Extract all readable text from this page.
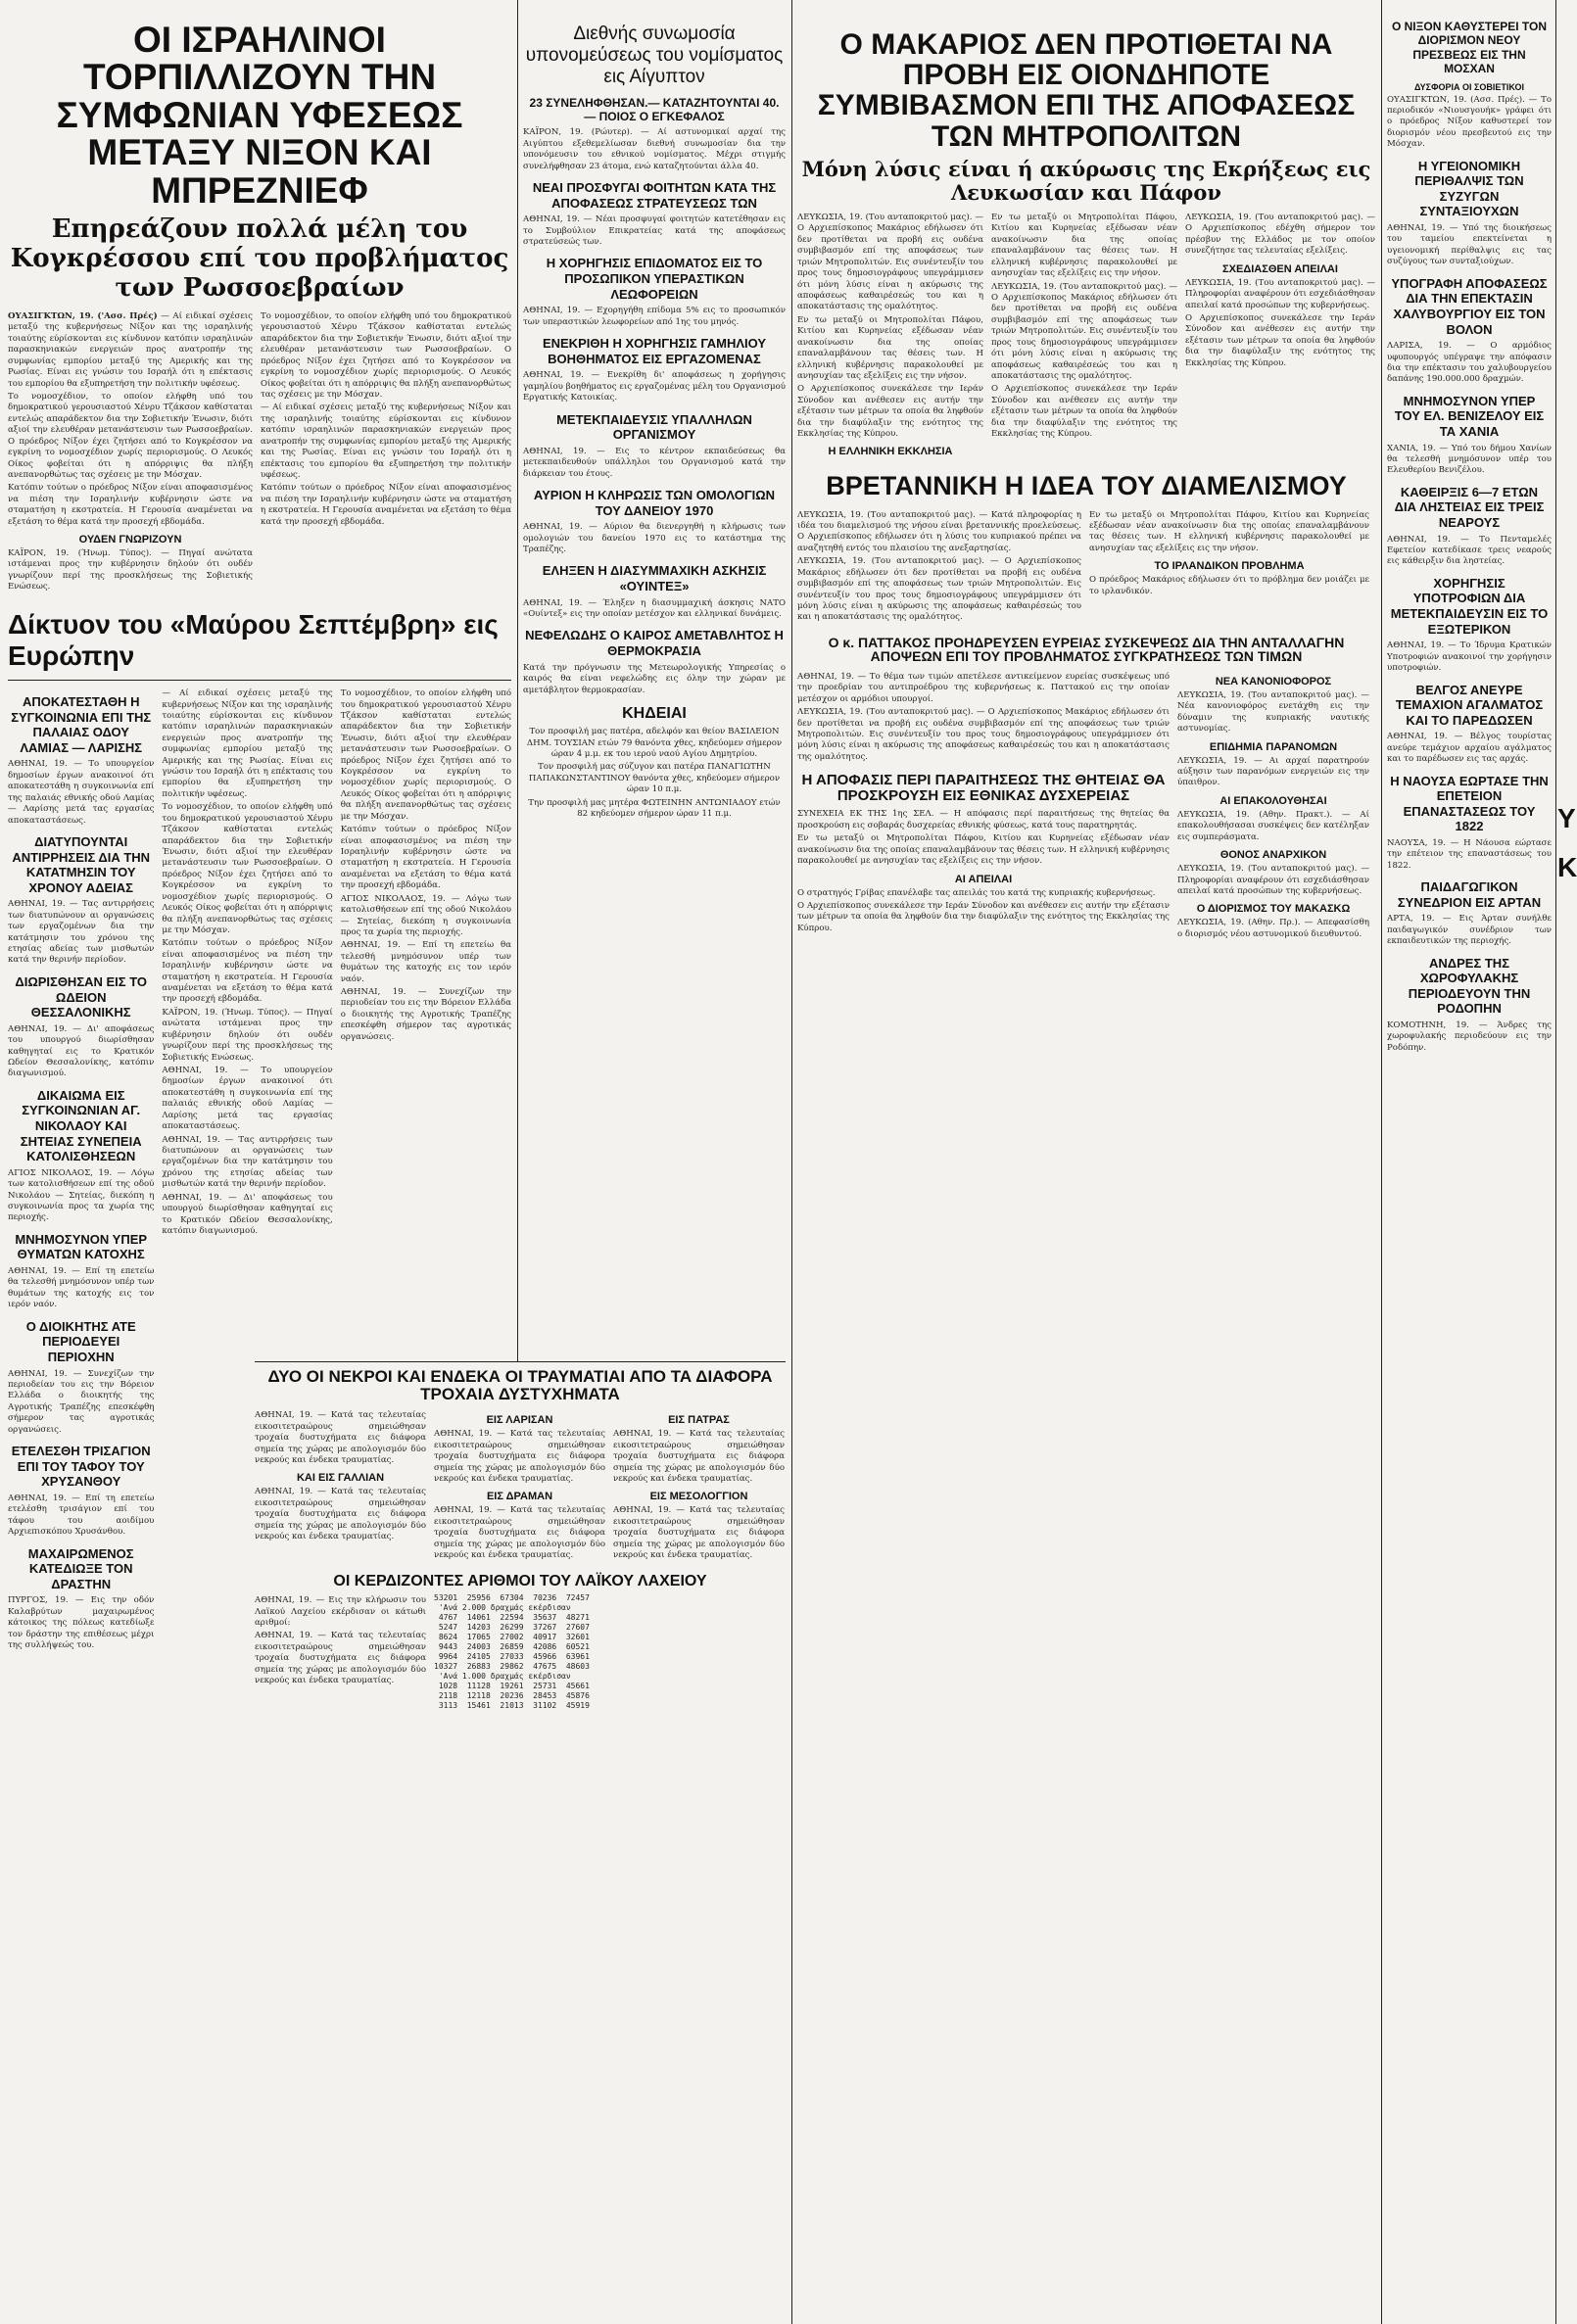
ΟΙ ΙΣΡΑΗΛΙΝΟΙ ΤΟΡΠΙΛΛΙΖΟΥΝ ΤΗΝ ΣΥΜΦΩΝΙΑΝ ΥΦΕΣΕΩΣ ΜΕΤΑΞΥ ΝΙΞΟΝ ΚΑΙ ΜΠΡΕΖΝΙΕΦ
Επηρεάζουν πολλά μέλη του Κογκρέσσου επί του προβλήματος των Ρωσσοεβραίων

ΟΥΑΣΙΓΚΤΩΝ, 19. ('Ασσ. Πρές) — Αί ειδικαί σχέσεις μεταξύ της κυβερνήσεως Νίξον και της ισραηλινής τοιαύτης εύρίσκονται εις κίνδυνον κατόπιν ισραηλινών παρασκηνιακών ενεργειών προς ανατροπήν της συμφωνίας εμπορίου μεταξύ της Αμερικής και της Ρωσίας. Είναι εις γνώσιν του Ισραήλ ότι η επέκτασις του εμπορίου θα εξυπηρετήση την πολιτικήν υφέσεως.

Το νομοσχέδιον, το οποίον ελήφθη υπό του δημοκρατικού γερουσιαστού Χένρυ Τζάκσον καθίσταται εντελώς απαράδεκτον δια την Σοβιετικήν Ένωσιν, διότι αξιοί την ελευθέραν μετανάστευσιν των Ρωσσοεβραίων. Ο πρόεδρος Νίξον έχει ζητήσει από το Κογκρέσσον να εγκρίνη το νομοσχέδιον χωρίς περιορισμούς. Ο Λευκός Οίκος φοβείται ότι η απόρριψις θα πλήξη ανεπανορθώτως τας σχέσεις με την Μόσχαν.

Κατόπιν τούτων ο πρόεδρος Νίξον είναι αποφασισμένος να πιέση την Ισραηλινήν κυβέρνησιν ώστε να σταματήση η εκστρατεία. Η Γερουσία αναμένεται να εξετάση το θέμα κατά την προσεχή εβδομάδα.

ΟΥΔΕΝ ΓΝΩΡΙΖΟΥΝ

ΚΑΪΡΟΝ, 19. (Ήνωμ. Τύπος). — Πηγαί ανώτατα ιστάμεναι προς την κυβέρνησιν δηλούν ότι ουδέν γνωρίζουν περί της προσκλήσεως της Σοβιετικής Ενώσεως.

Το νομοσχέδιον, το οποίον ελήφθη υπό του δημοκρατικού γερουσιαστού Χένρυ Τζάκσον καθίσταται εντελώς απαράδεκτον δια την Σοβιετικήν Ένωσιν, διότι αξιοί την ελευθέραν μετανάστευσιν των Ρωσσοεβραίων. Ο πρόεδρος Νίξον έχει ζητήσει από το Κογκρέσσον να εγκρίνη το νομοσχέδιον χωρίς περιορισμούς. Ο Λευκός Οίκος φοβείται ότι η απόρριψις θα πλήξη ανεπανορθώτως τας σχέσεις με την Μόσχαν.

— Αί ειδικαί σχέσεις μεταξύ της κυβερνήσεως Νίξον και της ισραηλινής τοιαύτης εύρίσκονται εις κίνδυνον κατόπιν ισραηλινών παρασκηνιακών ενεργειών προς ανατροπήν της συμφωνίας εμπορίου μεταξύ της Αμερικής και της Ρωσίας. Είναι εις γνώσιν του Ισραήλ ότι η επέκτασις του εμπορίου θα εξυπηρετήση την πολιτικήν υφέσεως.

Κατόπιν τούτων ο πρόεδρος Νίξον είναι αποφασισμένος να πιέση την Ισραηλινήν κυβέρνησιν ώστε να σταματήση η εκστρατεία. Η Γερουσία αναμένεται να εξετάση το θέμα κατά την προσεχή εβδομάδα.

Δίκτυον του «Μαύρου Σεπτέμβρη» εις Ευρώπην
ΑΠΟΚΑΤΕΣΤΑΘΗ Η ΣΥΓΚΟΙΝΩΝΙΑ ΕΠΙ ΤΗΣ ΠΑΛΑΙΑΣ ΟΔΟΥ ΛΑΜΙΑΣ — ΛΑΡΙΣΗΣ

ΑΘΗΝΑΙ, 19. — Το υπουργείον δημοσίων έργων ανακοινοί ότι αποκατεστάθη η συγκοινωνία επί της παλαιάς εθνικής οδού Λαμίας — Λαρίσης μετά τας εργασίας αποκαταστάσεως.

ΔΙΑΤΥΠΟΥΝΤΑΙ ΑΝΤΙΡΡΗΣΕΙΣ ΔΙΑ ΤΗΝ ΚΑΤΑΤΜΗΣΙΝ ΤΟΥ ΧΡΟΝΟΥ ΑΔΕΙΑΣ

ΑΘΗΝΑΙ, 19. — Τας αντιρρήσεις των διατυπώνουν αι οργανώσεις των εργαζομένων δια την κατάτμησιν του χρόνου της ετησίας αδείας των μισθωτών κατά την θερινήν περίοδον.

ΔΙΩΡΙΣΘΗΣΑΝ ΕΙΣ ΤΟ ΩΔΕΙΟΝ ΘΕΣΣΑΛΟΝΙΚΗΣ

ΑΘΗΝΑΙ, 19. — Δι' αποφάσεως του υπουργού διωρίσθησαν καθηγηταί εις το Κρατικόν Ωδείον Θεσσαλονίκης, κατόπιν διαγωνισμού.

ΔΙΚΑΙΩΜΑ ΕΙΣ ΣΥΓΚΟΙΝΩΝΙΑΝ ΑΓ. ΝΙΚΟΛΑΟΥ ΚΑΙ ΣΗΤΕΙΑΣ ΣΥΝΕΠΕΙΑ ΚΑΤΟΛΙΣΘΗΣΕΩΝ

ΑΓΙΟΣ ΝΙΚΟΛΑΟΣ, 19. — Λόγω των κατολισθήσεων επί της οδού Νικολάου — Σητείας, διεκόπη η συγκοινωνία προς τα χωρία της περιοχής.

ΜΝΗΜΟΣΥΝΟΝ ΥΠΕΡ ΘΥΜΑΤΩΝ ΚΑΤΟΧΗΣ

ΑΘΗΝΑΙ, 19. — Επί τη επετείω θα τελεσθή μνημόσυνον υπέρ των θυμάτων της κατοχής εις τον ιερόν ναόν.

Ο ΔΙΟΙΚΗΤΗΣ ΑΤΕ ΠΕΡΙΟΔΕΥΕΙ ΠΕΡΙΟΧΗΝ

ΑΘΗΝΑΙ, 19. — Συνεχίζων την περιοδείαν του εις την Βόρειον Ελλάδα ο διοικητής της Αγροτικής Τραπέζης επεσκέφθη σήμερον τας αγροτικάς οργανώσεις.

ΕΤΕΛΕΣΘΗ ΤΡΙΣΑΓΙΟΝ ΕΠΙ ΤΟΥ ΤΑΦΟΥ ΤΟΥ ΧΡΥΣΑΝΘΟΥ

ΑΘΗΝΑΙ, 19. — Επί τη επετείω ετελέσθη τρισάγιον επί του τάφου του αοιδίμου Αρχιεπισκόπου Χρυσάνθου.

ΜΑΧΑΙΡΩΜΕΝΟΣ ΚΑΤΕΔΙΩΞΕ ΤΟΝ ΔΡΑΣΤΗΝ

ΠΥΡΓΟΣ, 19. — Εις την οδόν Καλαβρύτων μαχαιρωμένος κάτοικος της πόλεως κατεδίωξε τον δράστην της επιθέσεως μέχρι της συλλήψεώς του.

— Αί ειδικαί σχέσεις μεταξύ της κυβερνήσεως Νίξον και της ισραηλινής τοιαύτης εύρίσκονται εις κίνδυνον κατόπιν ισραηλινών παρασκηνιακών ενεργειών προς ανατροπήν της συμφωνίας εμπορίου μεταξύ της Αμερικής και της Ρωσίας. Είναι εις γνώσιν του Ισραήλ ότι η επέκτασις του εμπορίου θα εξυπηρετήση την πολιτικήν υφέσεως.

Το νομοσχέδιον, το οποίον ελήφθη υπό του δημοκρατικού γερουσιαστού Χένρυ Τζάκσον καθίσταται εντελώς απαράδεκτον δια την Σοβιετικήν Ένωσιν, διότι αξιοί την ελευθέραν μετανάστευσιν των Ρωσσοεβραίων. Ο πρόεδρος Νίξον έχει ζητήσει από το Κογκρέσσον να εγκρίνη το νομοσχέδιον χωρίς περιορισμούς. Ο Λευκός Οίκος φοβείται ότι η απόρριψις θα πλήξη ανεπανορθώτως τας σχέσεις με την Μόσχαν.

Κατόπιν τούτων ο πρόεδρος Νίξον είναι αποφασισμένος να πιέση την Ισραηλινήν κυβέρνησιν ώστε να σταματήση η εκστρατεία. Η Γερουσία αναμένεται να εξετάση το θέμα κατά την προσεχή εβδομάδα.

ΚΑΪΡΟΝ, 19. (Ήνωμ. Τύπος). — Πηγαί ανώτατα ιστάμεναι προς την κυβέρνησιν δηλούν ότι ουδέν γνωρίζουν περί της προσκλήσεως της Σοβιετικής Ενώσεως.

ΑΘΗΝΑΙ, 19. — Το υπουργείον δημοσίων έργων ανακοινοί ότι αποκατεστάθη η συγκοινωνία επί της παλαιάς εθνικής οδού Λαμίας — Λαρίσης μετά τας εργασίας αποκαταστάσεως.

ΑΘΗΝΑΙ, 19. — Τας αντιρρήσεις των διατυπώνουν αι οργανώσεις των εργαζομένων δια την κατάτμησιν του χρόνου της ετησίας αδείας των μισθωτών κατά την θερινήν περίοδον.

ΑΘΗΝΑΙ, 19. — Δι' αποφάσεως του υπουργού διωρίσθησαν καθηγηταί εις το Κρατικόν Ωδείον Θεσσαλονίκης, κατόπιν διαγωνισμού.

Το νομοσχέδιον, το οποίον ελήφθη υπό του δημοκρατικού γερουσιαστού Χένρυ Τζάκσον καθίσταται εντελώς απαράδεκτον δια την Σοβιετικήν Ένωσιν, διότι αξιοί την ελευθέραν μετανάστευσιν των Ρωσσοεβραίων. Ο πρόεδρος Νίξον έχει ζητήσει από το Κογκρέσσον να εγκρίνη το νομοσχέδιον χωρίς περιορισμούς. Ο Λευκός Οίκος φοβείται ότι η απόρριψις θα πλήξη ανεπανορθώτως τας σχέσεις με την Μόσχαν.

Κατόπιν τούτων ο πρόεδρος Νίξον είναι αποφασισμένος να πιέση την Ισραηλινήν κυβέρνησιν ώστε να σταματήση η εκστρατεία. Η Γερουσία αναμένεται να εξετάση το θέμα κατά την προσεχή εβδομάδα.

ΑΓΙΟΣ ΝΙΚΟΛΑΟΣ, 19. — Λόγω των κατολισθήσεων επί της οδού Νικολάου — Σητείας, διεκόπη η συγκοινωνία προς τα χωρία της περιοχής.

ΑΘΗΝΑΙ, 19. — Επί τη επετείω θα τελεσθή μνημόσυνον υπέρ των θυμάτων της κατοχής εις τον ιερόν ναόν.

ΑΘΗΝΑΙ, 19. — Συνεχίζων την περιοδείαν του εις την Βόρειον Ελλάδα ο διοικητής της Αγροτικής Τραπέζης επεσκέφθη σήμερον τας αγροτικάς οργανώσεις.

Διεθνής συνωμοσία υπονομεύσεως του νομίσματος εις Αίγυπτον
23 ΣΥΝΕΛΗΦΘΗΣΑΝ.— ΚΑΤΑΖΗΤΟΥΝΤΑΙ 40.— ΠΟΙΟΣ Ο ΕΓΚΕΦΑΛΟΣ

ΚΑΪΡΟΝ, 19. (Ρώυτερ). — Αί αστυνομικαί αρχαί της Αιγύπτου εξεθεμελίωσαν διεθνή συνωμοσίαν δια την υπονόμευσιν του εθνικού νομίσματος. Μέχρι στιγμής συνελήφθησαν 23 άτομα, ενώ καταζητούνται άλλα 40.

ΝΕΑΙ ΠΡΟΣΦΥΓΑΙ ΦΟΙΤΗΤΩΝ ΚΑΤΑ ΤΗΣ ΑΠΟΦΑΣΕΩΣ ΣΤΡΑΤΕΥΣΕΩΣ ΤΩΝ

ΑΘΗΝΑΙ, 19. — Νέαι προσφυγαί φοιτητών κατετέθησαν εις το Συμβούλιον Επικρατείας κατά της αποφάσεως στρατεύσεώς των.

Η ΧΟΡΗΓΗΣΙΣ ΕΠΙΔΟΜΑΤΟΣ ΕΙΣ ΤΟ ΠΡΟΣΩΠΙΚΟΝ ΥΠΕΡΑΣΤΙΚΩΝ ΛΕΩΦΟΡΕΙΩΝ

ΑΘΗΝΑΙ, 19. — Εχορηγήθη επίδομα 5% εις το προσωπικόν των υπεραστικών λεωφορείων από 1ης του μηνός.

ΕΝΕΚΡΙΘΗ Η ΧΟΡΗΓΗΣΙΣ ΓΑΜΗΛΙΟΥ ΒΟΗΘΗΜΑΤΟΣ ΕΙΣ ΕΡΓΑΖΟΜΕΝΑΣ

ΑΘΗΝΑΙ, 19. — Ενεκρίθη δι' αποφάσεως η χορήγησις γαμηλίου βοηθήματος εις εργαζομένας μέλη του Οργανισμού Εργατικής Κατοικίας.

ΜΕΤΕΚΠΑΙΔΕΥΣΙΣ ΥΠΑΛΛΗΛΩΝ ΟΡΓΑΝΙΣΜΟΥ

ΑΘΗΝΑΙ, 19. — Εις το κέντρον εκπαιδεύσεως θα μετεκπαιδευθούν υπάλληλοι του Οργανισμού κατά την διάρκειαν του έτους.

ΑΥΡΙΟΝ Η ΚΛΗΡΩΣΙΣ ΤΩΝ ΟΜΟΛΟΓΙΩΝ ΤΟΥ ΔΑΝΕΙΟΥ 1970

ΑΘΗΝΑΙ, 19. — Αύριον θα διενεργηθή η κλήρωσις των ομολογιών του δανείου 1970 εις το κατάστημα της Τραπέζης.

ΕΛΗΞΕΝ Η ΔΙΑΣΥΜΜΑΧΙΚΗ ΑΣΚΗΣΙΣ «ΟΥΙΝΤΕΞ»

ΑΘΗΝΑΙ, 19. — Έληξεν η διασυμμαχική άσκησις ΝΑΤΟ «Ουίντεξ» εις την οποίαν μετέσχον και ελληνικαί δυνάμεις.

ΝΕΦΕΛΩΔΗΣ Ο ΚΑΙΡΟΣ ΑΜΕΤΑΒΛΗΤΟΣ Η ΘΕΡΜΟΚΡΑΣΙΑ

Κατά την πρόγνωσιν της Μετεωρολογικής Υπηρεσίας ο καιρός θα είναι νεφελώδης εις όλην την χώραν με αμετάβλητον θερμοκρασίαν.

ΚΗΔΕΙΑΙ

Τον προσφιλή μας πατέρα, αδελφόν και θείον ΒΑΣΙΛΕΙΟΝ ΔΗΜ. ΤΟΥΣΙΑΝ ετών 79 θανόντα χθες, κηδεύομεν σήμερον ώραν 4 μ.μ. εκ του ιερού ναού Αγίου Δημητρίου.

Τον προσφιλή μας σύζυγον και πατέρα ΠΑΝΑΓΙΩΤΗΝ ΠΑΠΑΚΩΝΣΤΑΝΤΙΝΟΥ θανόντα χθες, κηδεύομεν σήμερον ώραν 10 π.μ.

Την προσφιλή μας μητέρα ΦΩΤΕΙΝΗΝ ΑΝΤΩΝΙΑΔΟΥ ετών 82 κηδεύομεν σήμερον ώραν 11 π.μ.

ΔΥΟ ΟΙ ΝΕΚΡΟΙ ΚΑΙ ΕΝΔΕΚΑ ΟΙ ΤΡΑΥΜΑΤΙΑΙ ΑΠΟ ΤΑ ΔΙΑΦΟΡΑ ΤΡΟΧΑΙΑ ΔΥΣΤΥΧΗΜΑΤΑ

ΑΘΗΝΑΙ, 19. — Κατά τας τελευταίας εικοσιτετραώρους σημειώθησαν τροχαία δυστυχήματα εις διάφορα σημεία της χώρας με απολογισμόν δύο νεκρούς και ένδεκα τραυματίας.

ΚΑΙ ΕΙΣ ΓΑΛΛΙΑΝ

ΑΘΗΝΑΙ, 19. — Κατά τας τελευταίας εικοσιτετραώρους σημειώθησαν τροχαία δυστυχήματα εις διάφορα σημεία της χώρας με απολογισμόν δύο νεκρούς και ένδεκα τραυματίας.

ΕΙΣ ΛΑΡΙΣΑΝ

ΑΘΗΝΑΙ, 19. — Κατά τας τελευταίας εικοσιτετραώρους σημειώθησαν τροχαία δυστυχήματα εις διάφορα σημεία της χώρας με απολογισμόν δύο νεκρούς και ένδεκα τραυματίας.

ΕΙΣ ΔΡΑΜΑΝ

ΑΘΗΝΑΙ, 19. — Κατά τας τελευταίας εικοσιτετραώρους σημειώθησαν τροχαία δυστυχήματα εις διάφορα σημεία της χώρας με απολογισμόν δύο νεκρούς και ένδεκα τραυματίας.

ΕΙΣ ΠΑΤΡΑΣ

ΑΘΗΝΑΙ, 19. — Κατά τας τελευταίας εικοσιτετραώρους σημειώθησαν τροχαία δυστυχήματα εις διάφορα σημεία της χώρας με απολογισμόν δύο νεκρούς και ένδεκα τραυματίας.

ΕΙΣ ΜΕΣΟΛΟΓΓΙΟΝ

ΑΘΗΝΑΙ, 19. — Κατά τας τελευταίας εικοσιτετραώρους σημειώθησαν τροχαία δυστυχήματα εις διάφορα σημεία της χώρας με απολογισμόν δύο νεκρούς και ένδεκα τραυματίας.

ΟΙ ΚΕΡΔΙΖΟΝΤΕΣ ΑΡΙΘΜΟΙ ΤΟΥ ΛΑΪΚΟΥ ΛΑΧΕΙΟΥ

ΑΘΗΝΑΙ, 19. — Εις την κλήρωσιν του Λαϊκού Λαχείου εκέρδισαν οι κάτωθι αριθμοί:

ΑΘΗΝΑΙ, 19. — Κατά τας τελευταίας εικοσιτετραώρους σημειώθησαν τροχαία δυστυχήματα εις διάφορα σημεία της χώρας με απολογισμόν δύο νεκρούς και ένδεκα τραυματίας.

53201  25956  67304  70236  72457
'Ανά 2.000 δραχμάς εκέρδισαν
4767  14061  22594  35637  48271
5247  14203  26299  37267  27607
8624  17065  27002  40917  32601
9443  24003  26859  42086  60521
9964  24105  27033  45966  63961
10327  26883  29862  47675  48603
'Ανά 1.000 δραχμάς εκέρδισαν
1028  11128  19261  25731  45661
2118  12118  20236  28453  45876
3113  15461  21013  31102  45919
Ο ΜΑΚΑΡΙΟΣ ΔΕΝ ΠΡΟΤΙΘΕΤΑΙ ΝΑ ΠΡΟΒΗ ΕΙΣ ΟΙΟΝΔΗΠΟΤΕ ΣΥΜΒΙΒΑΣΜΟΝ ΕΠΙ ΤΗΣ ΑΠΟΦΑΣΕΩΣ ΤΩΝ ΜΗΤΡΟΠΟΛΙΤΩΝ
Μόνη λύσις είναι ή ακύρωσις της Εκρήξεως εις Λευκωσίαν και Πάφον

ΛΕΥΚΩΣΙΑ, 19. (Του ανταποκριτού μας). — Ο Αρχιεπίσκοπος Μακάριος εδήλωσεν ότι δεν προτίθεται να προβή εις ουδένα συμβιβασμόν επί της αποφάσεως των τριών Μητροπολιτών. Εις συνέντευξίν του προς τους δημοσιογράφους υπεγράμμισεν ότι μόνη λύσις είναι η ακύρωσις της αποφάσεως καθαιρέσεώς του και η αποκατάστασις της ομαλότητος.

Εν τω μεταξύ οι Μητροπολίται Πάφου, Κιτίου και Κυρηνείας εξέδωσαν νέαν ανακοίνωσιν δια της οποίας επαναλαμβάνουν τας θέσεις των. Η ελληνική κυβέρνησις παρακολουθεί με ανησυχίαν τας εξελίξεις εις την νήσον.

Ο Αρχιεπίσκοπος συνεκάλεσε την Ιεράν Σύνοδον και ανέθεσεν εις αυτήν την εξέτασιν των μέτρων τα οποία θα ληφθούν δια την διαφύλαξιν της ενότητος της Εκκλησίας της Κύπρου.

Η ΕΛΛΗΝΙΚΗ ΕΚΚΛΗΣΙΑ

Εν τω μεταξύ οι Μητροπολίται Πάφου, Κιτίου και Κυρηνείας εξέδωσαν νέαν ανακοίνωσιν δια της οποίας επαναλαμβάνουν τας θέσεις των. Η ελληνική κυβέρνησις παρακολουθεί με ανησυχίαν τας εξελίξεις εις την νήσον.

ΛΕΥΚΩΣΙΑ, 19. (Του ανταποκριτού μας). — Ο Αρχιεπίσκοπος Μακάριος εδήλωσεν ότι δεν προτίθεται να προβή εις ουδένα συμβιβασμόν επί της αποφάσεως των τριών Μητροπολιτών. Εις συνέντευξίν του προς τους δημοσιογράφους υπεγράμμισεν ότι μόνη λύσις είναι η ακύρωσις της αποφάσεως καθαιρέσεώς του και η αποκατάστασις της ομαλότητος.

Ο Αρχιεπίσκοπος συνεκάλεσε την Ιεράν Σύνοδον και ανέθεσεν εις αυτήν την εξέτασιν των μέτρων τα οποία θα ληφθούν δια την διαφύλαξιν της ενότητος της Εκκλησίας της Κύπρου.

ΛΕΥΚΩΣΙΑ, 19. (Του ανταποκριτού μας). — Ο Αρχιεπίσκοπος εδέχθη σήμερον τον πρέσβυν της Ελλάδος με τον οποίον συνεζήτησε τας τελευταίας εξελίξεις.

ΣΧΕΔΙΑΣΘΕΝ ΑΠΕΙΛΑΙ

ΛΕΥΚΩΣΙΑ, 19. (Του ανταποκριτού μας). — Πληροφορίαι αναφέρουν ότι εσχεδιάσθησαν απειλαί κατά προσώπων της κυβερνήσεως.

Ο Αρχιεπίσκοπος συνεκάλεσε την Ιεράν Σύνοδον και ανέθεσεν εις αυτήν την εξέτασιν των μέτρων τα οποία θα ληφθούν δια την διαφύλαξιν της ενότητος της Εκκλησίας της Κύπρου.

ΒΡΕΤΑΝΝΙΚΗ Η ΙΔΕΑ ΤΟΥ ΔΙΑΜΕΛΙΣΜΟΥ

ΛΕΥΚΩΣΙΑ, 19. (Του ανταποκριτού μας). — Κατά πληροφορίας η ιδέα του διαμελισμού της νήσου είναι βρεταννικής προελεύσεως. Ο Αρχιεπίσκοπος εδήλωσεν ότι η λύσις του κυπριακού πρέπει να αναζητηθή εντός του πλαισίου της ανεξαρτησίας.

ΛΕΥΚΩΣΙΑ, 19. (Του ανταποκριτού μας). — Ο Αρχιεπίσκοπος Μακάριος εδήλωσεν ότι δεν προτίθεται να προβή εις ουδένα συμβιβασμόν επί της αποφάσεως των τριών Μητροπολιτών. Εις συνέντευξίν του προς τους δημοσιογράφους υπεγράμμισεν ότι μόνη λύσις είναι η ακύρωσις της αποφάσεως καθαιρέσεώς του και η αποκατάστασις της ομαλότητος.

Εν τω μεταξύ οι Μητροπολίται Πάφου, Κιτίου και Κυρηνείας εξέδωσαν νέαν ανακοίνωσιν δια της οποίας επαναλαμβάνουν τας θέσεις των. Η ελληνική κυβέρνησις παρακολουθεί με ανησυχίαν τας εξελίξεις εις την νήσον.

ΤΟ ΙΡΛΑΝΔΙΚΟΝ ΠΡΟΒΛΗΜΑ

Ο πρόεδρος Μακάριος εδήλωσεν ότι το πρόβλημα δεν μοιάζει με το ιρλανδικόν.

Ο κ. ΠΑΤΤΑΚΟΣ ΠΡΟΗΔΡΕΥΣΕΝ ΕΥΡΕΙΑΣ ΣΥΣΚΕΨΕΩΣ ΔΙΑ ΤΗΝ ΑΝΤΑΛΛΑΓΗΝ ΑΠΟΨΕΩΝ ΕΠΙ ΤΟΥ ΠΡΟΒΛΗΜΑΤΟΣ ΣΥΓΚΡΑΤΗΣΕΩΣ ΤΩΝ ΤΙΜΩΝ

ΑΘΗΝΑΙ, 19. — Το θέμα των τιμών απετέλεσε αντικείμενον ευρείας συσκέψεως υπό την προεδρίαν του αντιπροέδρου της κυβερνήσεως κ. Παττακού εις την οποίαν μετέσχον οι αρμόδιοι υπουργοί.

ΛΕΥΚΩΣΙΑ, 19. (Του ανταποκριτού μας). — Ο Αρχιεπίσκοπος Μακάριος εδήλωσεν ότι δεν προτίθεται να προβή εις ουδένα συμβιβασμόν επί της αποφάσεως των τριών Μητροπολιτών. Εις συνέντευξίν του προς τους δημοσιογράφους υπεγράμμισεν ότι μόνη λύσις είναι η ακύρωσις της αποφάσεως καθαιρέσεώς του και η αποκατάστασις της ομαλότητος.

Η ΑΠΟΦΑΣΙΣ ΠΕΡΙ ΠΑΡΑΙΤΗΣΕΩΣ ΤΗΣ ΘΗΤΕΙΑΣ ΘΑ ΠΡΟΣΚΡΟΥΣΗ ΕΙΣ ΕΘΝΙΚΑΣ ΔΥΣΧΕΡΕΙΑΣ

ΣΥΝΕΧΕΙΑ ΕΚ ΤΗΣ 1ης ΣΕΛ. — Η απόφασις περί παραιτήσεως της θητείας θα προσκρούση εις σοβαράς δυσχερείας εθνικής φύσεως, κατά τους παρατηρητάς.

Εν τω μεταξύ οι Μητροπολίται Πάφου, Κιτίου και Κυρηνείας εξέδωσαν νέαν ανακοίνωσιν δια της οποίας επαναλαμβάνουν τας θέσεις των. Η ελληνική κυβέρνησις παρακολουθεί με ανησυχίαν τας εξελίξεις εις την νήσον.

ΑΙ ΑΠΕΙΛΑΙ

Ο στρατηγός Γρίβας επανέλαβε τας απειλάς του κατά της κυπριακής κυβερνήσεως.

Ο Αρχιεπίσκοπος συνεκάλεσε την Ιεράν Σύνοδον και ανέθεσεν εις αυτήν την εξέτασιν των μέτρων τα οποία θα ληφθούν δια την διαφύλαξιν της ενότητος της Εκκλησίας της Κύπρου.

ΝΕΑ ΚΑΝΟΝΙΟΦΟΡΟΣ

ΛΕΥΚΩΣΙΑ, 19. (Του ανταποκριτού μας). — Νέα κανονιοφόρος ενετάχθη εις την δύναμιν της κυπριακής ναυτικής αστυνομίας.

ΕΠΙΔΗΜΙΑ ΠΑΡΑΝΟΜΩΝ

ΛΕΥΚΩΣΙΑ, 19. — Αι αρχαί παρατηρούν αύξησιν των παρανόμων ενεργειών εις την ύπαιθρον.

ΑΙ ΕΠΑΚΟΛΟΥΘΗΣΑΙ

ΛΕΥΚΩΣΙΑ, 19. (Αθην. Πρακτ.). — Αί επακολουθήσασαι συσκέψεις δεν κατέληξαν εις συμπεράσματα.

ΘΟΝΟΣ ΑΝΑΡΧΙΚΟΝ

ΛΕΥΚΩΣΙΑ, 19. (Του ανταποκριτού μας). — Πληροφορίαι αναφέρουν ότι εσχεδιάσθησαν απειλαί κατά προσώπων της κυβερνήσεως.

Ο ΔΙΟΡΙΣΜΟΣ ΤΟΥ ΜΑΚΑΣΚΩ

ΛΕΥΚΩΣΙΑ, 19. (Αθην. Πρ.). — Απεφασίσθη ο διορισμός νέου αστυνομικού διευθυντού.

Ο ΝΙΞΟΝ ΚΑΘΥΣΤΕΡΕΙ ΤΟΝ ΔΙΟΡΙΣΜΟΝ ΝΕΟΥ ΠΡΕΣΒΕΩΣ ΕΙΣ ΤΗΝ ΜΟΣΧΑΝ
ΔΥΣΦΟΡΙΑ ΟΙ ΣΟΒΙΕΤΙΚΟΙ

ΟΥΑΣΙΓΚΤΩΝ, 19. (Ασσ. Πρές). — Το περιοδικόν «Νιουσγουήκ» γράφει ότι ο πρόεδρος Νίξον καθυστερεί τον διορισμόν νέου πρεσβευτού εις την Μόσχαν.

Η ΥΓΕΙΟΝΟΜΙΚΗ ΠΕΡΙΘΑΛΨΙΣ ΤΩΝ ΣΥΖΥΓΩΝ ΣΥΝΤΑΞΙΟΥΧΩΝ

ΑΘΗΝΑΙ, 19. — Υπό της διοικήσεως του ταμείου επεκτείνεται η υγειονομική περίθαλψις εις τας συζύγους των συνταξιούχων.

ΥΠΟΓΡΑΦΗ ΑΠΟΦΑΣΕΩΣ ΔΙΑ ΤΗΝ ΕΠΕΚΤΑΣΙΝ ΧΑΛΥΒΟΥΡΓΙΟΥ ΕΙΣ ΤΟΝ ΒΟΛΟΝ

ΛΑΡΙΣΑ, 19. — Ο αρμόδιος υφυπουργός υπέγραψε την απόφασιν δια την επέκτασιν του χαλυβουργείου δαπάνης 190.000.000 δραχμών.

ΜΝΗΜΟΣΥΝΟΝ ΥΠΕΡ ΤΟΥ ΕΛ. ΒΕΝΙΖΕΛΟΥ ΕΙΣ ΤΑ ΧΑΝΙΑ

ΧΑΝΙΑ, 19. — Υπό του δήμου Χανίων θα τελεσθή μνημόσυνον υπέρ του Ελευθερίου Βενιζέλου.

ΚΑΘΕΙΡΞΙΣ 6—7 ΕΤΩΝ ΔΙΑ ΛΗΣΤΕΙΑΣ ΕΙΣ ΤΡΕΙΣ ΝΕΑΡΟΥΣ

ΑΘΗΝΑΙ, 19. — Το Πενταμελές Εφετείον κατεδίκασε τρεις νεαρούς εις κάθειρξιν δια ληστείας.

ΧΟΡΗΓΗΣΙΣ ΥΠΟΤΡΟΦΙΩΝ ΔΙΑ ΜΕΤΕΚΠΑΙΔΕΥΣΙΝ ΕΙΣ ΤΟ ΕΞΩΤΕΡΙΚΟΝ

ΑΘΗΝΑΙ, 19. — Το Ίδρυμα Κρατικών Υποτροφιών ανακοινοί την χορήγησιν υποτροφιών.

ΒΕΛΓΟΣ ΑΝΕΥΡΕ ΤΕΜΑΧΙΟΝ ΑΓΑΛΜΑΤΟΣ ΚΑΙ ΤΟ ΠΑΡΕΔΩΣΕΝ

ΑΘΗΝΑΙ, 19. — Βέλγος τουρίστας ανεύρε τεμάχιον αρχαίου αγάλματος και το παρέδωσεν εις τας αρχάς.

Η ΝΑΟΥΣΑ ΕΩΡΤΑΣΕ ΤΗΝ ΕΠΕΤΕΙΟΝ ΕΠΑΝΑΣΤΑΣΕΩΣ ΤΟΥ 1822

ΝΑΟΥΣΑ, 19. — Η Νάουσα εώρτασε την επέτειον της επαναστάσεως του 1822.

ΠΑΙΔΑΓΩΓΙΚΟΝ ΣΥΝΕΔΡΙΟΝ ΕΙΣ ΑΡΤΑΝ

ΑΡΤΑ, 19. — Εις Άρταν συνήλθε παιδαγωγικόν συνέδριον των εκπαιδευτικών της περιοχής.

ΑΝΔΡΕΣ ΤΗΣ ΧΩΡΟΦΥΛΑΚΗΣ ΠΕΡΙΟΔΕΥΟΥΝ ΤΗΝ ΡΟΔΟΠΗΝ

ΚΟΜΟΤΗΝΗ, 19. — Άνδρες της χωροφυλακής περιοδεύουν εις την Ροδόπην.

Υ
Κ
